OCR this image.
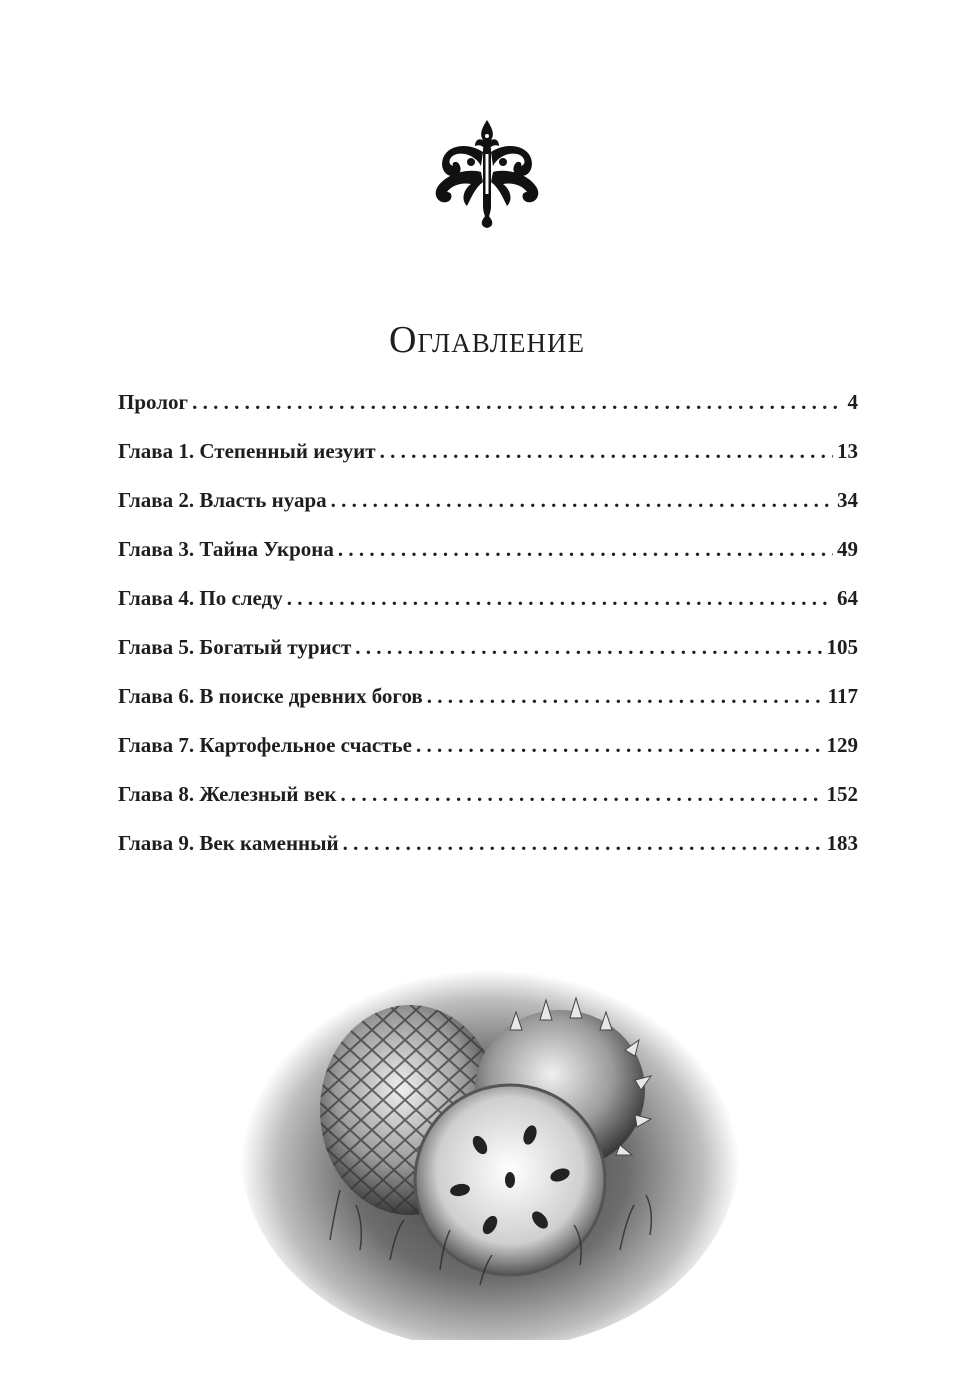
Оглавление
Пролог . . .	4
Глава 1. Степенный иезуит . . .	13
Глава 2. Власть нуара . . .	34
Глава 3. Тайна Укрона . . .	49
Глава 4. По следу . . .	64
Глава 5. Богатый турист . . .	105
Глава 6. В поиске древних богов . . .	117
Глава 7. Картофельное счастье . . .	129
Глава 8. Железный век . . .	152
Глава 9. Век каменный . . .	183
